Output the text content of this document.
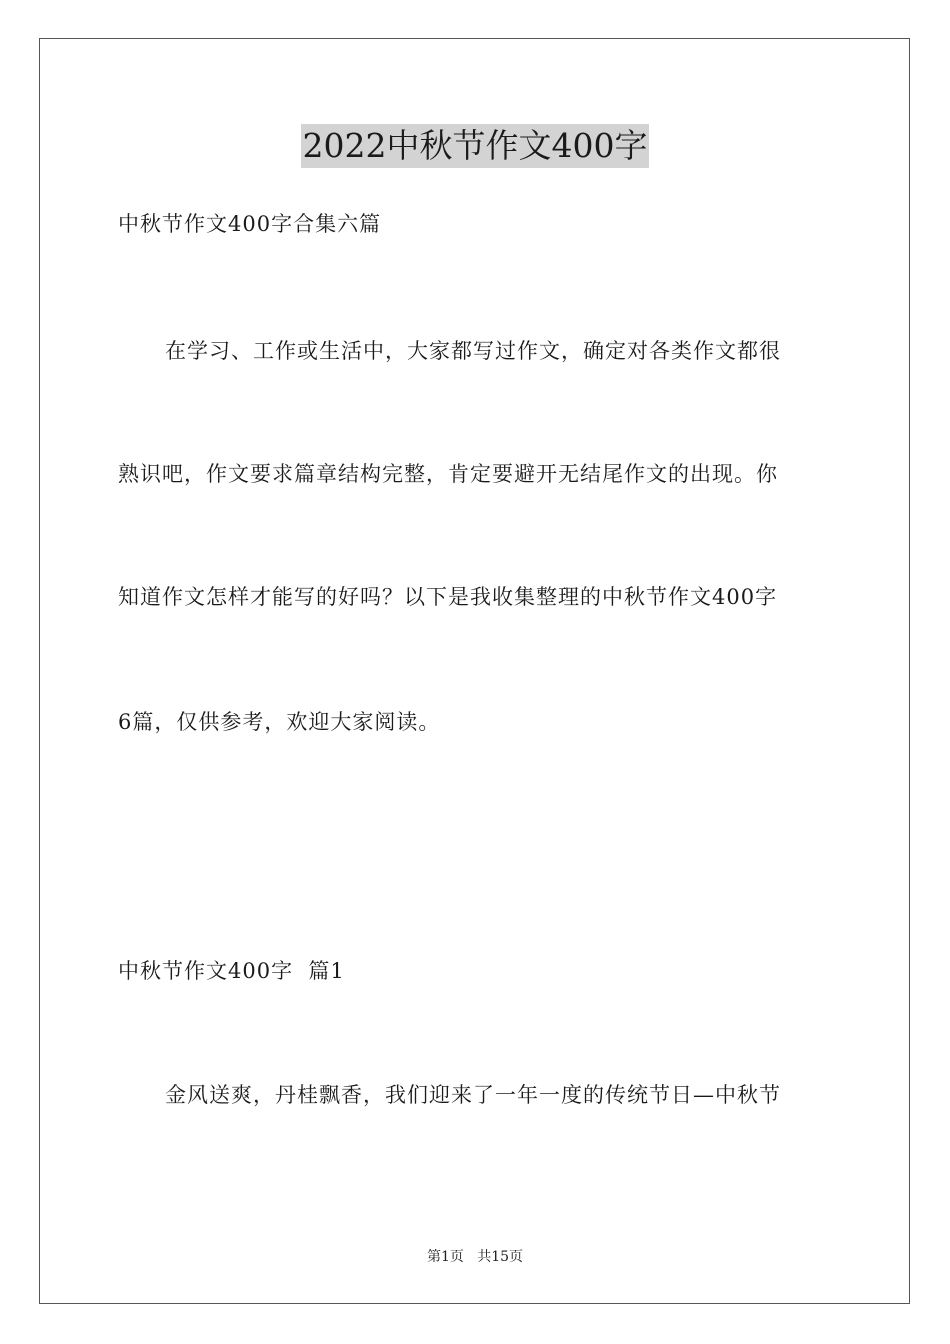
2022中秋节作文400字
中秋节作文400字合集六篇
在学习、工作或生活中，大家都写过作文，确定对各类作文都很
熟识吧，作文要求篇章结构完整，肯定要避开无结尾作文的出现。你
知道作文怎样才能写的好吗？以下是我收集整理的中秋节作文400字
6篇，仅供参考，欢迎大家阅读。
中秋节作文400字  篇1
金风送爽，丹桂飘香，我们迎来了一年一度的传统节日—中秋节
第1页   共15页
